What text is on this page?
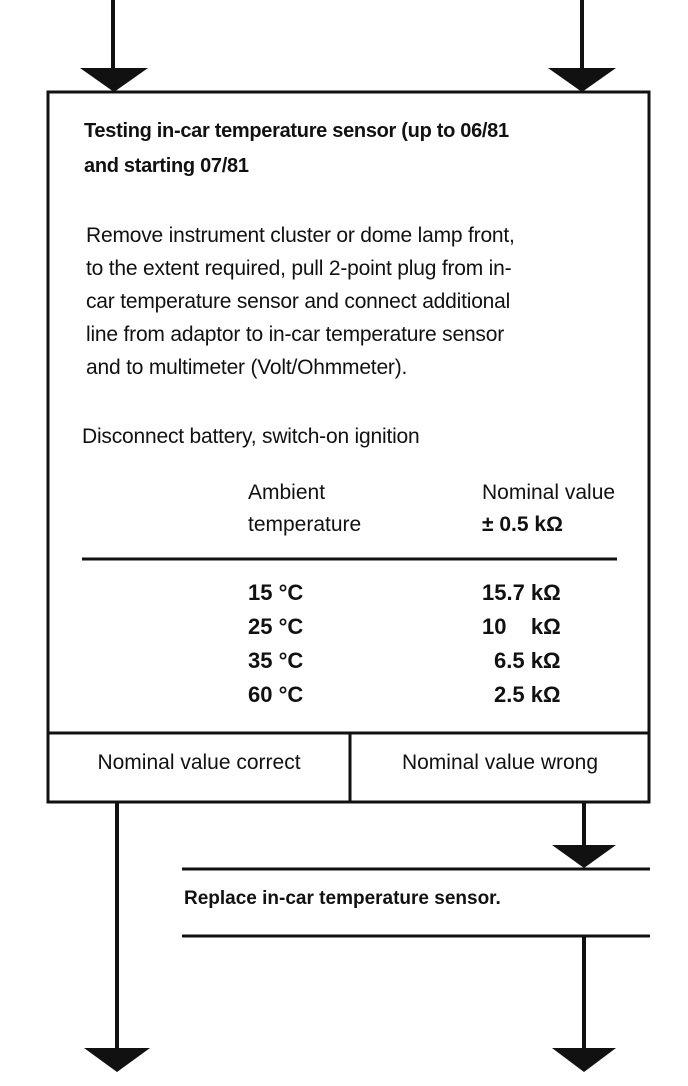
Testing in-car temperature sensor (up to 06/81
and starting 07/81
Remove instrument cluster or dome lamp front,
to the extent required, pull 2-point plug from in-
car temperature sensor and connect additional
line from adaptor to in-car temperature sensor
and to multimeter (Volt/Ohmmeter).
Disconnect battery, switch-on ignition
Ambient
temperature
Nominal value
± 0.5 kΩ
15 °C
25 °C
35 °C
60 °C
15.7 kΩ
10    kΩ
6.5 kΩ
2.5 kΩ
Nominal value correct	Nominal value wrong
Replace in-car temperature sensor.
